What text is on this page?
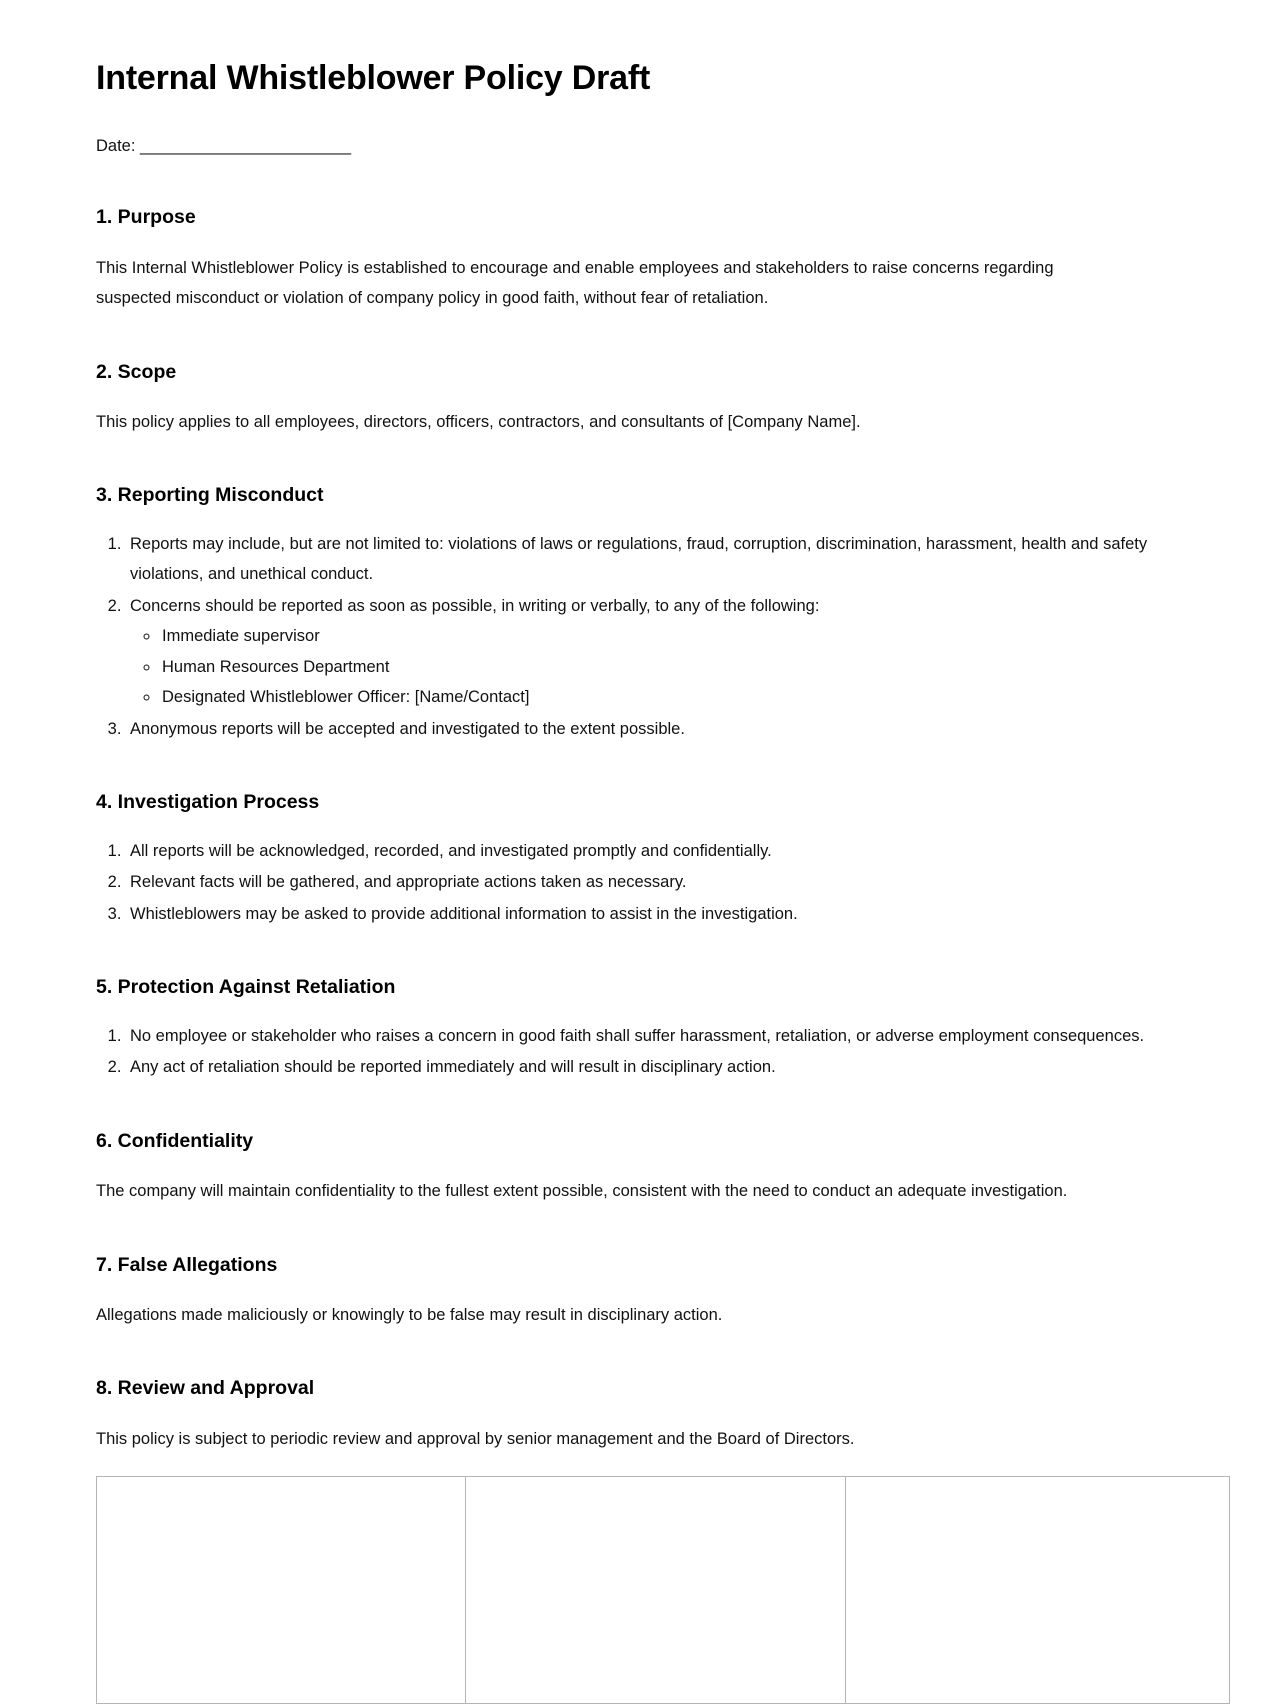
Internal Whistleblower Policy Draft
Date: _______________________
1. Purpose

This Internal Whistleblower Policy is established to encourage and enable employees and stakeholders to raise concerns regarding suspected misconduct or violation of company policy in good faith, without fear of retaliation.

2. Scope

This policy applies to all employees, directors, officers, contractors, and consultants of [Company Name].

3. Reporting Misconduct
1. Reports may include, but are not limited to: violations of laws or regulations, fraud, corruption, discrimination, harassment, health and safety violations, and unethical conduct.
2. Concerns should be reported as soon as possible, in writing or verbally, to any of the following:
◦ Immediate supervisor
◦ Human Resources Department
◦ Designated Whistleblower Officer: [Name/Contact]
3. Anonymous reports will be accepted and investigated to the extent possible.
4. Investigation Process
1. All reports will be acknowledged, recorded, and investigated promptly and confidentially.
2. Relevant facts will be gathered, and appropriate actions taken as necessary.
3. Whistleblowers may be asked to provide additional information to assist in the investigation.
5. Protection Against Retaliation
1. No employee or stakeholder who raises a concern in good faith shall suffer harassment, retaliation, or adverse employment consequences.
2. Any act of retaliation should be reported immediately and will result in disciplinary action.
6. Confidentiality

The company will maintain confidentiality to the fullest extent possible, consistent with the need to conduct an adequate investigation.

7. False Allegations

Allegations made maliciously or knowingly to be false may result in disciplinary action.

8. Review and Approval

This policy is subject to periodic review and approval by senior management and the Board of Directors.
